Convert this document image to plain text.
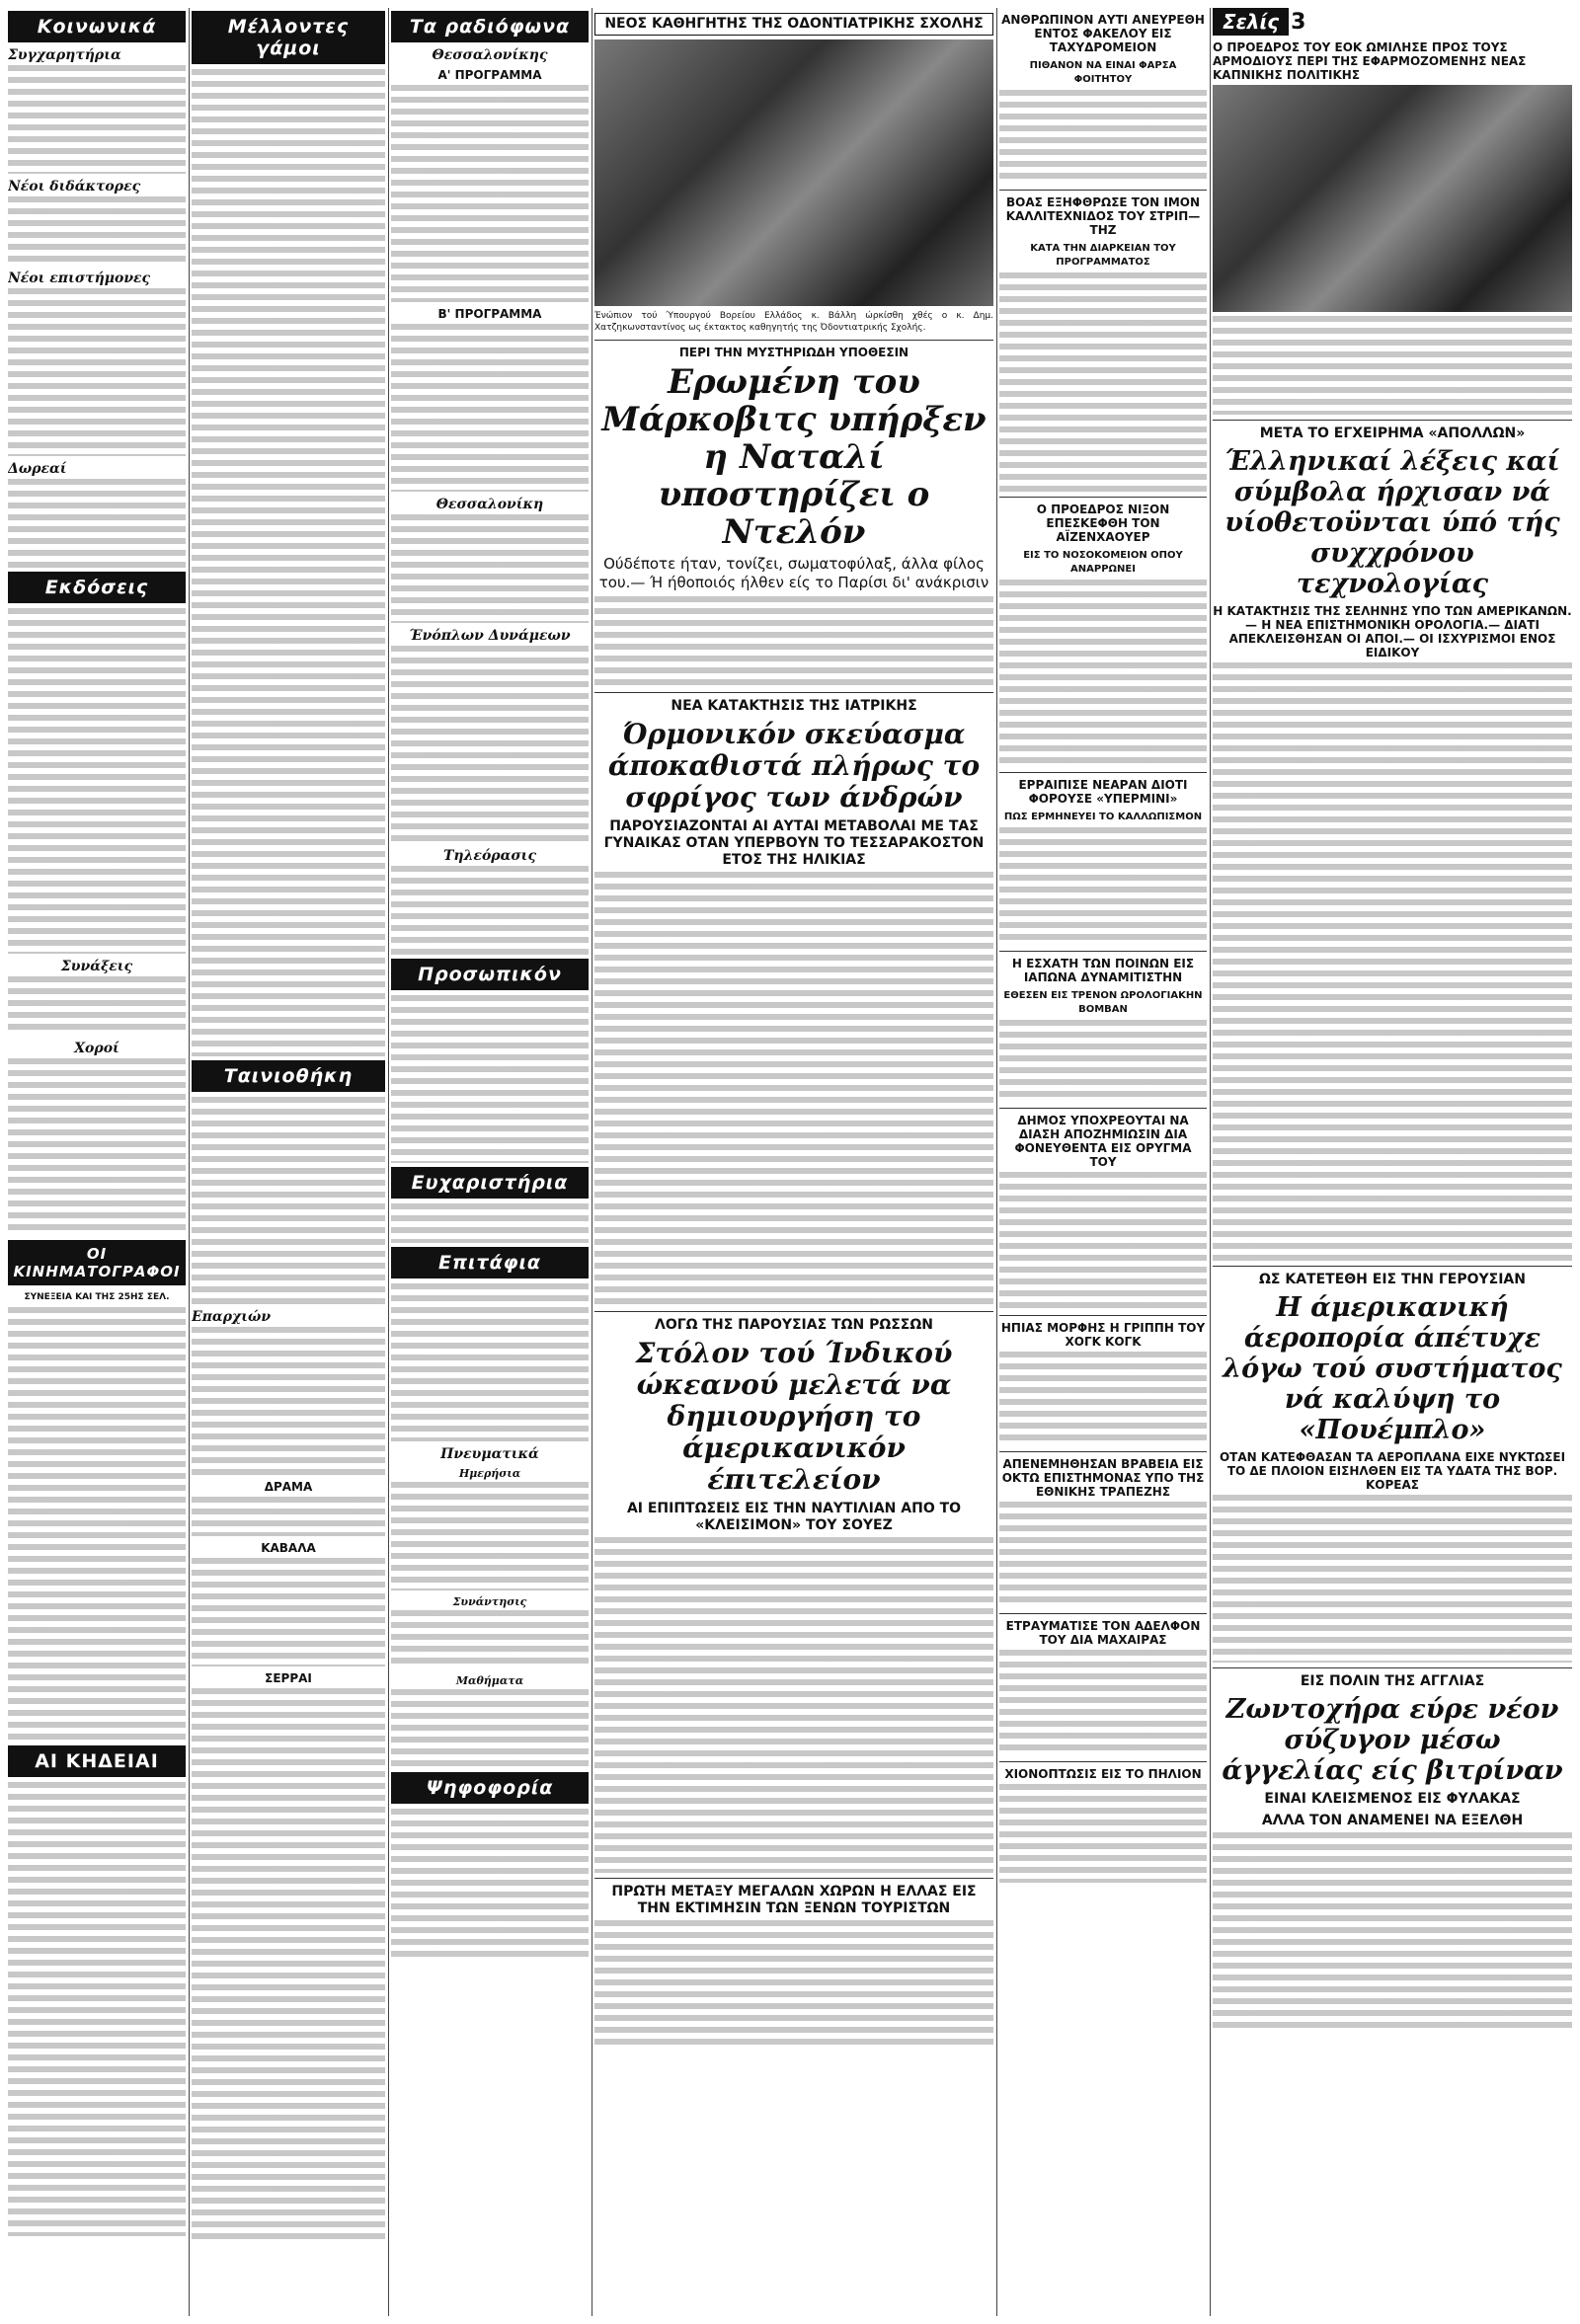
Κοινωνικά
Συγχαρητήρια
Νέοι διδάκτορες
Νέοι επιστήμονες
Δωρεαί
Εκδόσεις
Συνάξεις
Χοροί
ΟΙ ΚΙΝΗΜΑΤΟΓΡΑΦΟΙ
ΣΥΝΕΞΕΙΑ ΚΑΙ ΤΗΣ 25ΗΣ ΣΕΛ.
ΑΙ ΚΗΔΕΙΑΙ
Μέλλοντες γάμοι
Ταινιοθήκη
Επαρχιών
ΔΡΑΜΑ
ΚΑΒΑΛΑ
ΣΕΡΡΑΙ
Τα ραδιόφωνα
Θεσσαλονίκης
Α' ΠΡΟΓΡΑΜΜΑ
Β' ΠΡΟΓΡΑΜΜΑ
Θεσσαλονίκη
Ένόπλων Δυνάμεων
Τηλεόρασις
Προσωπικόν
Ευχαριστήρια
Επιτάφια
Πνευματικά
Ημερήσια
Συνάντησις
Μαθήματα
Ψηφοφορία
ΝΕΟΣ ΚΑΘΗΓΗΤΗΣ ΤΗΣ ΟΔΟΝΤΙΑΤΡΙΚΗΣ ΣΧΟΛΗΣ
Ένώπιον τού Ύπουργού Βορείου Ελλάδος κ. Βάλλη ώρκίσθη χθές ο κ. Δημ. Χατζηκωνσταντίνος ως έκτακτος καθηγητής της Όδοντιατρικής Σχολής.
ΠΕΡΙ ΤΗΝ ΜΥΣΤΗΡΙΩΔΗ ΥΠΟΘΕΣΙΝ
Ερωμένη του Μάρκοβιτς υπήρξεν η Ναταλί υποστηρίζει ο Ντελόν
Ούδέποτε ήταν, τονίζει, σωματοφύλαξ, άλλα φίλος του.— Ή ήθοποιός ήλθεν είς το Παρίσι δι' ανάκρισιν
ΝΕΑ ΚΑΤΑΚΤΗΣΙΣ ΤΗΣ ΙΑΤΡΙΚΗΣ
Όρμονικόν σκεύασμα άποκαθιστά πλήρως το σφρίγος των άνδρών
ΠΑΡΟΥΣΙΑΖΟΝΤΑΙ ΑΙ ΑΥΤΑΙ ΜΕΤΑΒΟΛΑΙ ΜΕ ΤΑΣ ΓΥΝΑΙΚΑΣ ΟΤΑΝ ΥΠΕΡΒΟΥΝ ΤΟ ΤΕΣΣΑΡΑΚΟΣΤΟΝ ΕΤΟΣ ΤΗΣ ΗΛΙΚΙΑΣ
ΛΟΓΩ ΤΗΣ ΠΑΡΟΥΣΙΑΣ ΤΩΝ ΡΩΣΣΩΝ
Στόλον τού Ίνδικού ώκεανού μελετά να δημιουργήση το άμερικανικόν έπιτελείον
ΑΙ ΕΠΙΠΤΩΣΕΙΣ ΕΙΣ ΤΗΝ ΝΑΥΤΙΛΙΑΝ ΑΠΟ ΤΟ «ΚΛΕΙΣΙΜΟΝ» ΤΟΥ ΣΟΥΕΖ
ΠΡΩΤΗ ΜΕΤΑΞΥ ΜΕΓΑΛΩΝ ΧΩΡΩΝ Η ΕΛΛΑΣ ΕΙΣ ΤΗΝ ΕΚΤΙΜΗΣΙΝ ΤΩΝ ΞΕΝΩΝ ΤΟΥΡΙΣΤΩΝ
ΑΝΘΡΩΠΙΝΟΝ ΑΥΤΙ ΑΝΕΥΡΕΘΗ ΕΝΤΟΣ ΦΑΚΕΛΟΥ ΕΙΣ ΤΑΧΥΔΡΟΜΕΙΟΝ
ΠΙΘΑΝΟΝ ΝΑ ΕΙΝΑΙ ΦΑΡΣΑ ΦΟΙΤΗΤΟΥ
ΒΟΑΣ ΕΞΗΦΘΡΩΣΕ ΤΟΝ ΙΜΟΝ ΚΑΛΛΙΤΕΧΝΙΔΟΣ ΤΟΥ ΣΤΡΙΠ—ΤΗΖ
ΚΑΤΑ ΤΗΝ ΔΙΑΡΚΕΙΑΝ ΤΟΥ ΠΡΟΓΡΑΜΜΑΤΟΣ
Ο ΠΡΟΕΔΡΟΣ ΝΙΞΟΝ ΕΠΕΣΚΕΦΘΗ ΤΟΝ ΑΪΖΕΝΧΑΟΥΕΡ
ΕΙΣ ΤΟ ΝΟΣΟΚΟΜΕΙΟΝ ΟΠΟΥ ΑΝΑΡΡΩΝΕΙ
ΕΡΡΑΙΠΙΣΕ ΝΕΑΡΑΝ ΔΙΟΤΙ ΦΟΡΟΥΣΕ «ΥΠΕΡΜΙΝΙ»
ΠΩΣ ΕΡΜΗΝΕΥΕΙ ΤΟ ΚΑΛΛΩΠΙΣΜΟΝ
Η ΕΣΧΑΤΗ ΤΩΝ ΠΟΙΝΩΝ ΕΙΣ ΙΑΠΩΝΑ ΔΥΝΑΜΙΤΙΣΤΗΝ
ΕΘΕΣΕΝ ΕΙΣ ΤΡΕΝΟΝ ΩΡΟΛΟΓΙΑΚΗΝ ΒΟΜΒΑΝ
ΔΗΜΟΣ ΥΠΟΧΡΕΟΥΤΑΙ ΝΑ ΔΙΑΣΗ ΑΠΟΖΗΜΙΩΣΙΝ ΔΙΑ ΦΟΝΕΥΘΕΝΤΑ ΕΙΣ ΟΡΥΓΜΑ ΤΟΥ
ΗΠΙΑΣ ΜΟΡΦΗΣ Η ΓΡΙΠΠΗ ΤΟΥ ΧΟΓΚ ΚΟΓΚ
ΑΠΕΝΕΜΗΘΗΣΑΝ ΒΡΑΒΕΙΑ ΕΙΣ ΟΚΤΩ ΕΠΙΣΤΗΜΟΝΑΣ ΥΠΟ ΤΗΣ ΕΘΝΙΚΗΣ ΤΡΑΠΕΖΗΣ
ΕΤΡΑΥΜΑΤΙΣΕ ΤΟΝ ΑΔΕΛΦΟΝ ΤΟΥ ΔΙΑ ΜΑΧΑΙΡΑΣ
ΧΙΟΝΟΠΤΩΣΙΣ ΕΙΣ ΤΟ ΠΗΛΙΟΝ
Σελίς 3
Ο ΠΡΟΕΔΡΟΣ ΤΟΥ ΕΟΚ ΩΜΙΛΗΣΕ ΠΡΟΣ ΤΟΥΣ ΑΡΜΟΔΙΟΥΣ ΠΕΡΙ ΤΗΣ ΕΦΑΡΜΟΖΟΜΕΝΗΣ ΝΕΑΣ ΚΑΠΝΙΚΗΣ ΠΟΛΙΤΙΚΗΣ
ΜΕΤΑ ΤΟ ΕΓΧΕΙΡΗΜΑ «ΑΠΟΛΛΩΝ»
Έλληνικαί λέξεις καί σύμβολα ήρχισαν νά υίοθετοϋνται ύπό τής συχχρόνου τεχνολογίας
Η ΚΑΤΑΚΤΗΣΙΣ ΤΗΣ ΣΕΛΗΝΗΣ ΥΠΟ ΤΩΝ ΑΜΕΡΙΚΑΝΩΝ.— Η ΝΕΑ ΕΠΙΣΤΗΜΟΝΙΚΗ ΟΡΟΛΟΓΙΑ.— ΔΙΑΤΙ ΑΠΕΚΛΕΙΣΘΗΣΑΝ ΟΙ ΑΠΟΙ.— ΟΙ ΙΣΧΥΡΙΣΜΟΙ ΕΝΟΣ ΕΙΔΙΚΟΥ
ΩΣ ΚΑΤΕΤΕΘΗ ΕΙΣ ΤΗΝ ΓΕΡΟΥΣΙΑΝ
Η άμερικανική άεροπορία άπέτυχε λόγω τού συστήματος νά καλύψη το «Πουέμπλο»
ΟΤΑΝ ΚΑΤΕΦΘΑΣΑΝ ΤΑ ΑΕΡΟΠΛΑΝΑ ΕΙΧΕ ΝΥΚΤΩΣΕΙ ΤΟ ΔΕ ΠΛΟΙΟΝ ΕΙΣΗΛΘΕΝ ΕΙΣ ΤΑ ΥΔΑΤΑ ΤΗΣ ΒΟΡ. ΚΟΡΕΑΣ
ΕΙΣ ΠΟΛΙΝ ΤΗΣ ΑΓΓΛΙΑΣ
Ζωντοχήρα εύρε νέον σύζυγον μέσω άγγελίας είς βιτρίναν
ΕΙΝΑΙ ΚΛΕΙΣΜΕΝΟΣ ΕΙΣ ΦΥΛΑΚΑΣ
ΑΛΛΑ ΤΟΝ ΑΝΑΜΕΝΕΙ ΝΑ ΕΞΕΛΘΗ
